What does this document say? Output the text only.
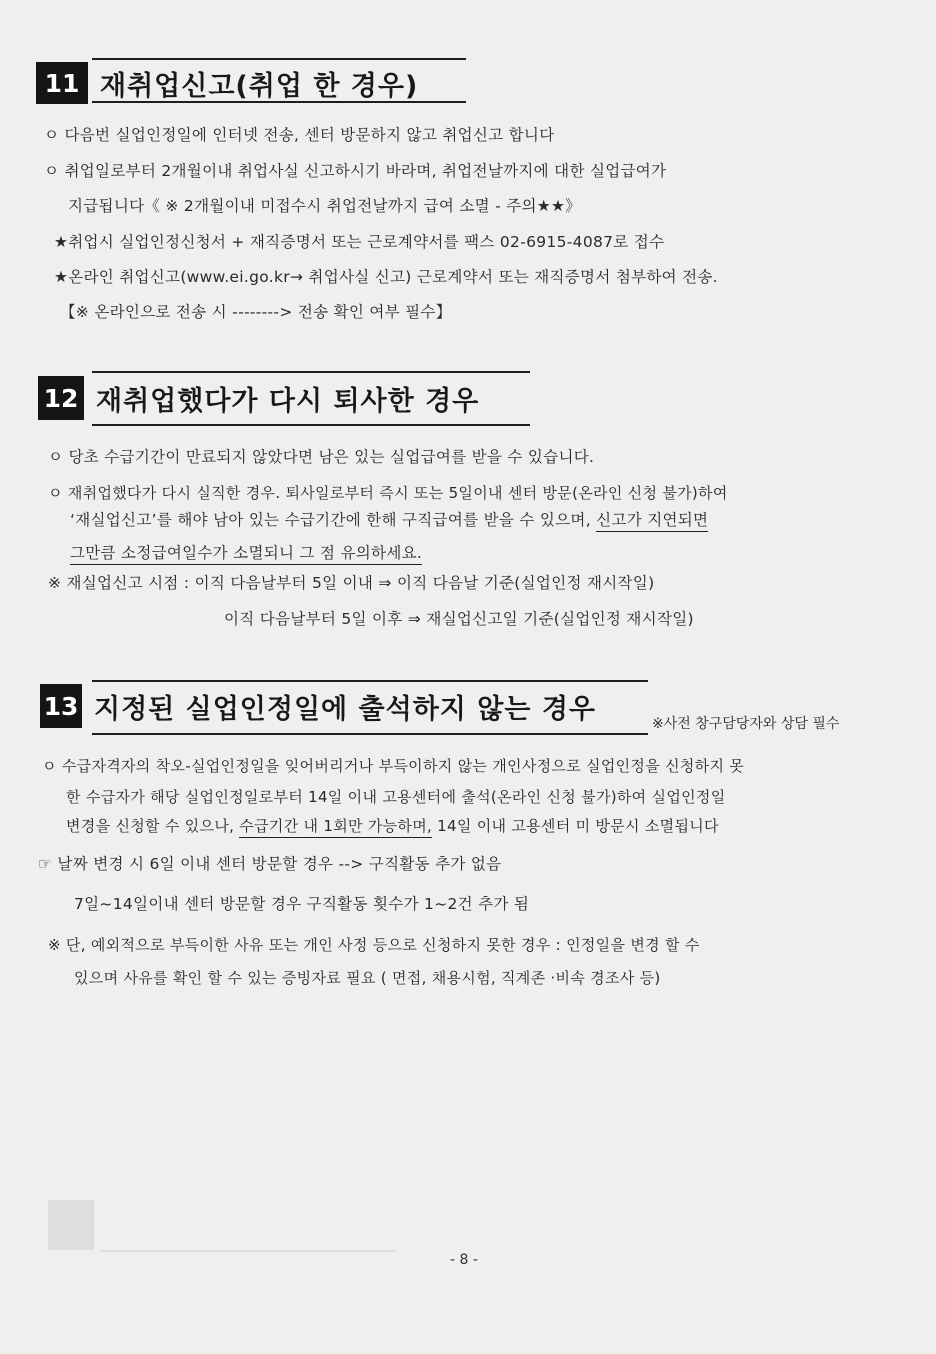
11 재취업신고(취업 한 경우)
ㅇ 다음번 실업인정일에 인터넷 전송, 센터 방문하지 않고 취업신고 합니다
ㅇ 취업일로부터 2개월이내 취업사실 신고하시기 바라며, 취업전날까지에 대한 실업급여가
지급됩니다《 ※ 2개월이내 미접수시 취업전날까지 급여 소멸 - 주의★★》
★취업시 실업인정신청서 + 재직증명서 또는 근로계약서를 팩스 02-6915-4087로 접수
★온라인 취업신고(www.ei.go.kr→ 취업사실 신고) 근로계약서 또는 재직증명서 첨부하여 전송.
【※ 온라인으로 전송 시 --------> 전송 확인 여부 필수】
12 재취업했다가 다시 퇴사한 경우
ㅇ 당초 수급기간이 만료되지 않았다면 남은 있는 실업급여를 받을 수 있습니다.
ㅇ 재취업했다가 다시 실직한 경우. 퇴사일로부터 즉시 또는 5일이내 센터 방문(온라인 신청 불가)하여
‘재실업신고’를 해야 남아 있는 수급기간에 한해 구직급여를 받을 수 있으며, 신고가 지연되면
그만큼 소정급여일수가 소멸되니 그 점 유의하세요.
※ 재실업신고 시점 : 이직 다음날부터 5일 이내 ⇒ 이직 다음날 기준(실업인정 재시작일)
이직 다음날부터 5일 이후 ⇒ 재실업신고일 기준(실업인정 재시작일)
13 지정된 실업인정일에 출석하지 않는 경우	※사전 창구담당자와 상담 필수
ㅇ 수급자격자의 착오-실업인정일을 잊어버리거나 부득이하지 않는 개인사정으로 실업인정을 신청하지 못
한 수급자가 해당 실업인정일로부터 14일 이내 고용센터에 출석(온라인 신청 불가)하여 실업인정일
변경을 신청할 수 있으나, 수급기간 내 1회만 가능하며, 14일 이내 고용센터 미 방문시 소멸됩니다
☞ 날짜 변경 시 6일 이내 센터 방문할 경우 --> 구직활동 추가 없음
7일~14일이내 센터 방문할 경우 구직활동 횟수가 1~2건 추가 됨
※ 단, 예외적으로 부득이한 사유 또는 개인 사정 등으로 신청하지 못한 경우 : 인정일을 변경 할 수
있으며 사유를 확인 할 수 있는 증빙자료 필요 ( 면접, 채용시험, 직계존 ·비속 경조사 등)
- 8 -
